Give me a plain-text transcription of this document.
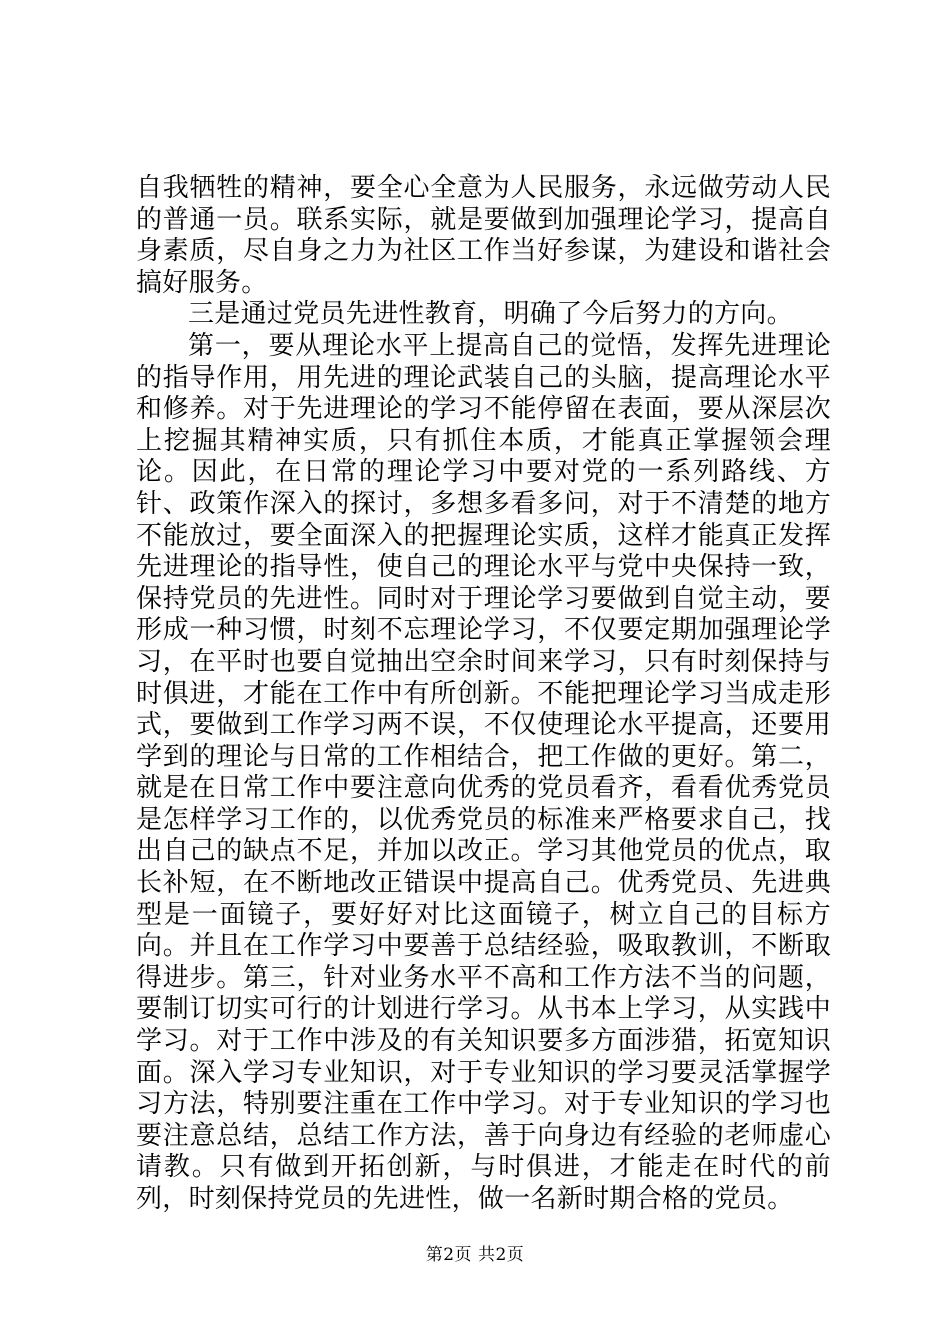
自我牺牲的精神，要全心全意为人民服务，永远做劳动人民的普通一员。联系实际，就是要做到加强理论学习，提高自身素质，尽自身之力为社区工作当好参谋，为建设和谐社会搞好服务。

三是通过党员先进性教育，明确了今后努力的方向。

第一，要从理论水平上提高自己的觉悟，发挥先进理论的指导作用，用先进的理论武装自己的头脑，提高理论水平和修养。对于先进理论的学习不能停留在表面，要从深层次上挖掘其精神实质，只有抓住本质，才能真正掌握领会理论。因此，在日常的理论学习中要对党的一系列路线、方针、政策作深入的探讨，多想多看多问，对于不清楚的地方不能放过，要全面深入的把握理论实质，这样才能真正发挥先进理论的指导性，使自己的理论水平与党中央保持一致，保持党员的先进性。同时对于理论学习要做到自觉主动，要形成一种习惯，时刻不忘理论学习，不仅要定期加强理论学习，在平时也要自觉抽出空余时间来学习，只有时刻保持与时俱进，才能在工作中有所创新。不能把理论学习当成走形式，要做到工作学习两不误，不仅使理论水平提高，还要用学到的理论与日常的工作相结合，把工作做的更好。第二，就是在日常工作中要注意向优秀的党员看齐，看看优秀党员是怎样学习工作的，以优秀党员的标准来严格要求自己，找出自己的缺点不足，并加以改正。学习其他党员的优点，取长补短，在不断地改正错误中提高自己。优秀党员、先进典型是一面镜子，要好好对比这面镜子，树立自己的目标方向。并且在工作学习中要善于总结经验，吸取教训，不断取得进步。第三，针对业务水平不高和工作方法不当的问题，要制订切实可行的计划进行学习。从书本上学习，从实践中学习。对于工作中涉及的有关知识要多方面涉猎，拓宽知识面。深入学习专业知识，对于专业知识的学习要灵活掌握学习方法，特别要注重在工作中学习。对于专业知识的学习也要注意总结，总结工作方法，善于向身边有经验的老师虚心请教。只有做到开拓创新，与时俱进，才能走在时代的前列，时刻保持党员的先进性，做一名新时期合格的党员。

第2页 共2页
